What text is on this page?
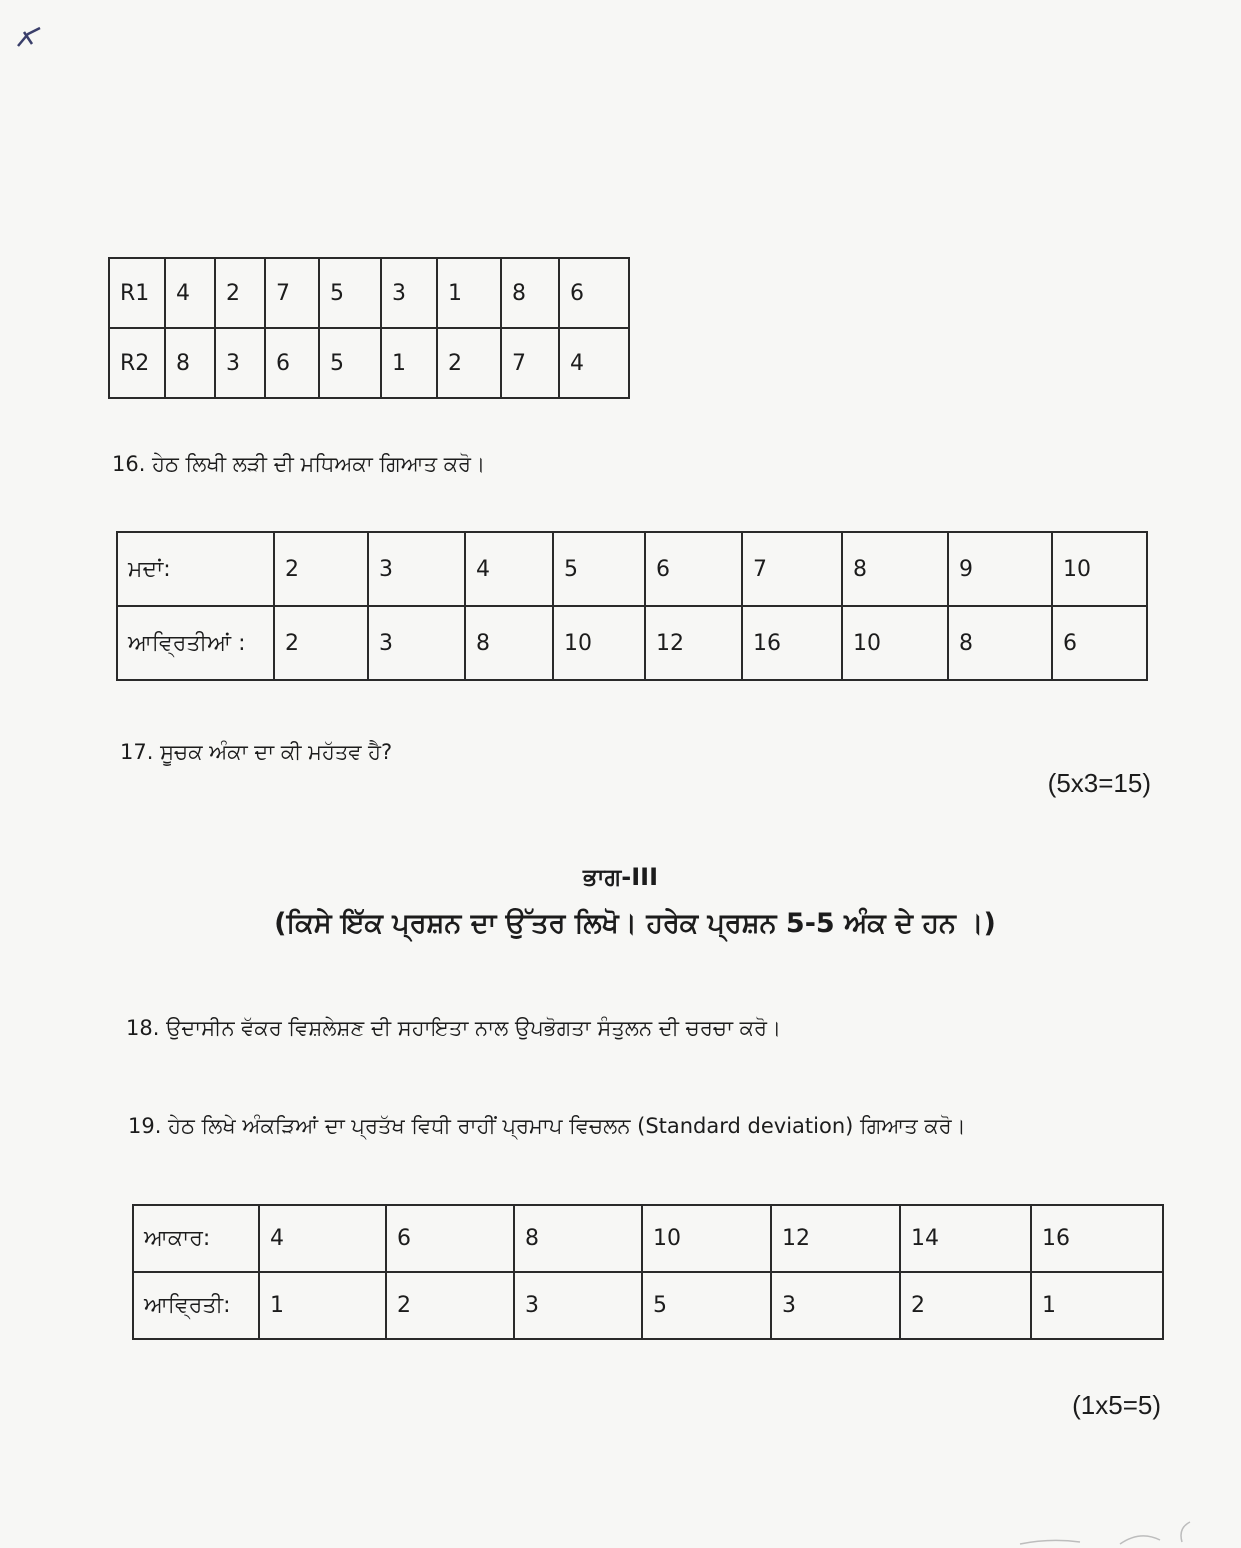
R1	4	2	7	5	3	1	8	6
R2	8	3	6	5	1	2	7	4
16. ਹੇਠ ਲਿਖੀ ਲੜੀ ਦੀ ਮਧਿਅਕਾ ਗਿਆਤ ਕਰੋ।
ਮਦਾਂ:	2	3	4	5	6	7	8	9	10
ਆਵ੍ਰਿਤੀਆਂ :	2	3	8	10	12	16	10	8	6
17. ਸੂਚਕ ਅੰਕਾ ਦਾ ਕੀ ਮਹੱਤਵ ਹੈ?
(5x3=15)
ਭਾਗ-III
(ਕਿਸੇ ਇੱਕ ਪ੍ਰਸ਼ਨ ਦਾ ਉੱਤਰ ਲਿਖੋ। ਹਰੇਕ ਪ੍ਰਸ਼ਨ 5-5 ਅੰਕ ਦੇ ਹਨ ।)
18. ਉਦਾਸੀਨ ਵੱਕਰ ਵਿਸ਼ਲੇਸ਼ਣ ਦੀ ਸਹਾਇਤਾ ਨਾਲ ਉਪਭੋਗਤਾ ਸੰਤੁਲਨ ਦੀ ਚਰਚਾ ਕਰੋ।
19. ਹੇਠ ਲਿਖੇ ਅੰਕੜਿਆਂ ਦਾ ਪ੍ਰਤੱਖ ਵਿਧੀ ਰਾਹੀਂ ਪ੍ਰਮਾਪ ਵਿਚਲਨ (Standard deviation) ਗਿਆਤ ਕਰੋ।
ਆਕਾਰ:	4	6	8	10	12	14	16
ਆਵ੍ਰਿਤੀ:	1	2	3	5	3	2	1
(1x5=5)
